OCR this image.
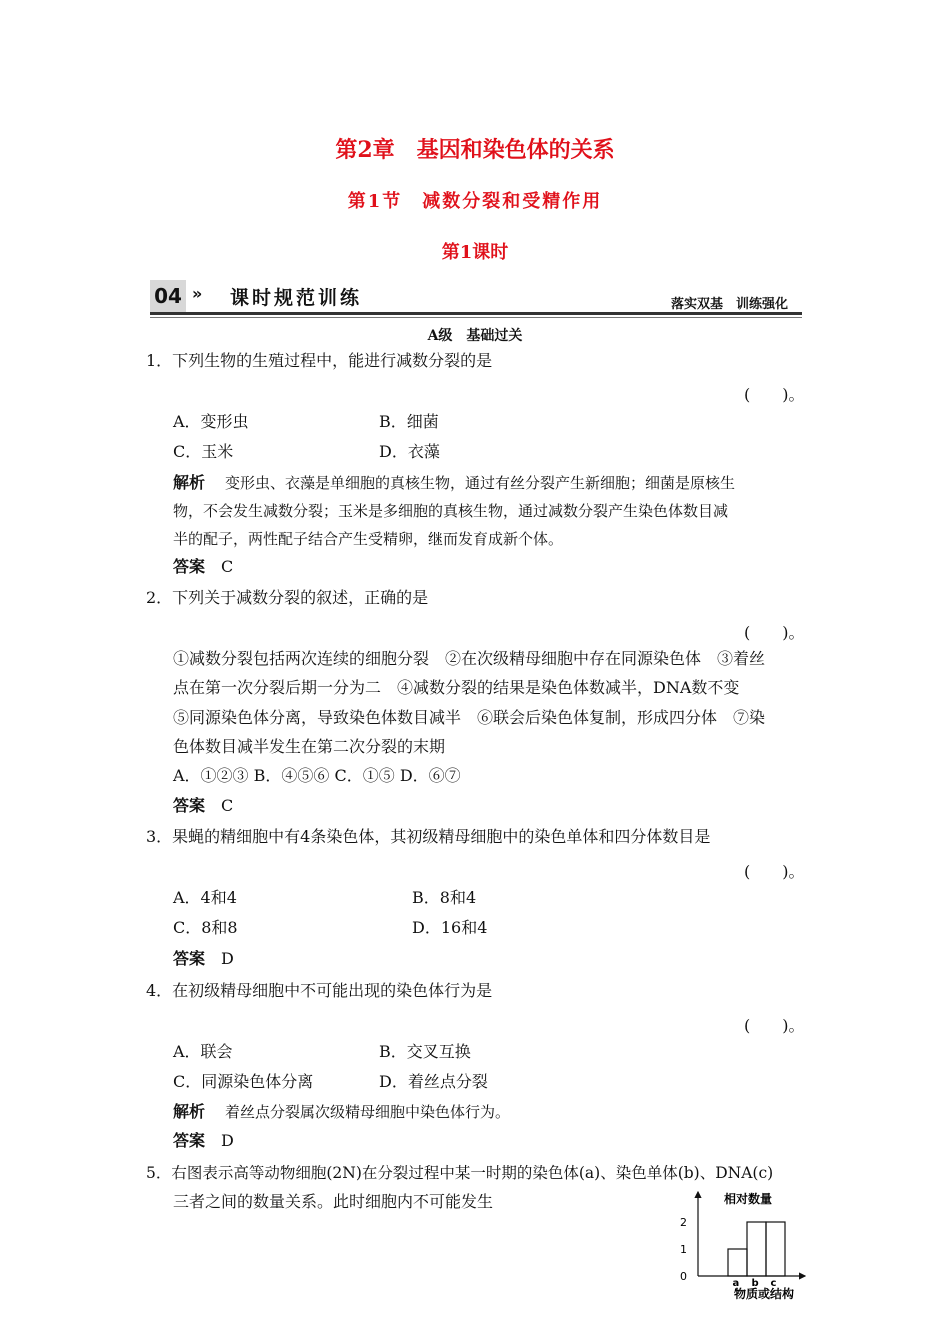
第2章　基因和染色体的关系
第1节　减数分裂和受精作用
第1课时
04 » 课时规范训练	落实双基　训练强化
A级　基础过关
1．下列生物的生殖过程中，能进行减数分裂的是
(　　)。
A．变形虫	B．细菌
C．玉米	D．衣藻
解析 变形虫、衣藻是单细胞的真核生物，通过有丝分裂产生新细胞；细菌是原核生
物，不会发生减数分裂；玉米是多细胞的真核生物，通过减数分裂产生染色体数目减
半的配子，两性配子结合产生受精卵，继而发育成新个体。
答案　 C
2．下列关于减数分裂的叙述，正确的是
(　　)。
①减数分裂包括两次连续的细胞分裂　②在次级精母细胞中存在同源染色体　③着丝
点在第一次分裂后期一分为二　④减数分裂的结果是染色体数减半，DNA数不变
⑤同源染色体分离，导致染色体数目减半　⑥联会后染色体复制，形成四分体　⑦染
色体数目减半发生在第二次分裂的末期
A．①②③ B．④⑤⑥ C．①⑤ D．⑥⑦
答案　 C
3．果蝇的精细胞中有4条染色体，其初级精母细胞中的染色单体和四分体数目是
(　　)。
A．4和4	B．8和4
C．8和8	D．16和4
答案　 D
4．在初级精母细胞中不可能出现的染色体行为是
(　　)。
A．联会	B．交叉互换
C．同源染色体分离	D．着丝点分裂
解析 着丝点分裂属次级精母细胞中染色体行为。
答案　 D
5．右图表示高等动物细胞(2N)在分裂过程中某一时期的染色体(a)、染色单体(b)、DNA(c)
三者之间的数量关系。此时细胞内不可能发生	相对数量
物质或结构
0
1
2
a b c
